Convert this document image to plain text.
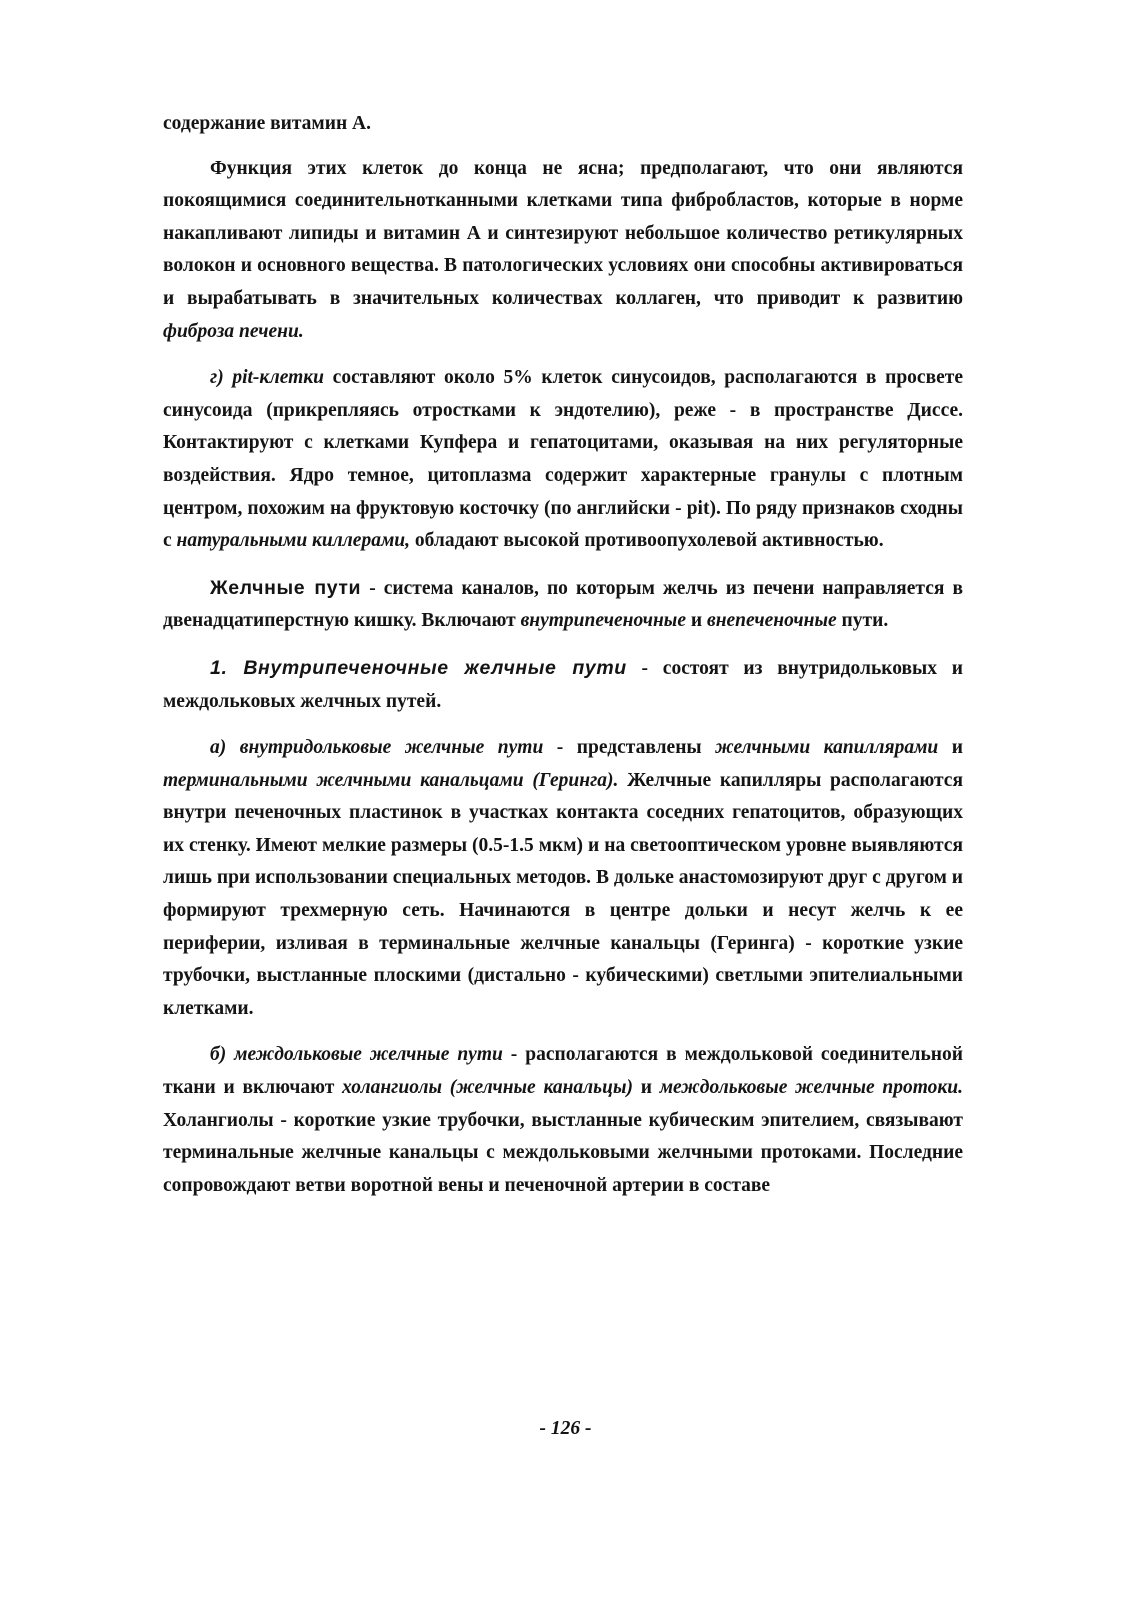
содержание витамин А.

Функция этих клеток до конца не ясна; предполагают, что они являются покоящимися соединительнотканными клетками типа фибробластов, которые в норме накапливают липиды и витамин А и синтезируют небольшое количество ретикулярных волокон и основного вещества. В патологических условиях они способны активироваться и вырабатывать в значительных количествах коллаген, что приводит к развитию фиброза печени.

г) pit-клетки составляют около 5% клеток синусоидов, располагаются в просвете синусоида (прикрепляясь отростками к эндотелию), реже - в пространстве Диссе. Контактируют с клетками Купфера и гепатоцитами, оказывая на них регуляторные воздействия. Ядро темное, цитоплазма содержит характерные гранулы с плотным центром, похожим на фруктовую косточку (по английски - pit). По ряду признаков сходны с натуральными киллерами, обладают высокой противоопухолевой активностью.

Желчные пути - система каналов, по которым желчь из печени направляется в двенадцатиперстную кишку. Включают внутрипеченочные и внепеченочные пути.

1. Внутрипеченочные желчные пути - состоят из внутридольковых и междольковых желчных путей.

а) внутридольковые желчные пути - представлены желчными капиллярами и терминальными желчными канальцами (Геринга). Желчные капилляры располагаются внутри печеночных пластинок в участках контакта соседних гепатоцитов, образующих их стенку. Имеют мелкие размеры (0.5-1.5 мкм) и на светооптическом уровне выявляются лишь при использовании специальных методов. В дольке анастомозируют друг с другом и формируют трехмерную сеть. Начинаются в центре дольки и несут желчь к ее периферии, изливая в терминальные желчные канальцы (Геринга) - короткие узкие трубочки, выстланные плоскими (дистально - кубическими) светлыми эпителиальными клетками.

б) междольковые желчные пути - располагаются в междольковой соединительной ткани и включают холангиолы (желчные канальцы) и междольковые желчные протоки. Холангиолы - короткие узкие трубочки, выстланные кубическим эпителием, связывают терминальные желчные канальцы с междольковыми желчными протоками. Последние сопровождают ветви воротной вены и печеночной артерии в составе

- 126 -
